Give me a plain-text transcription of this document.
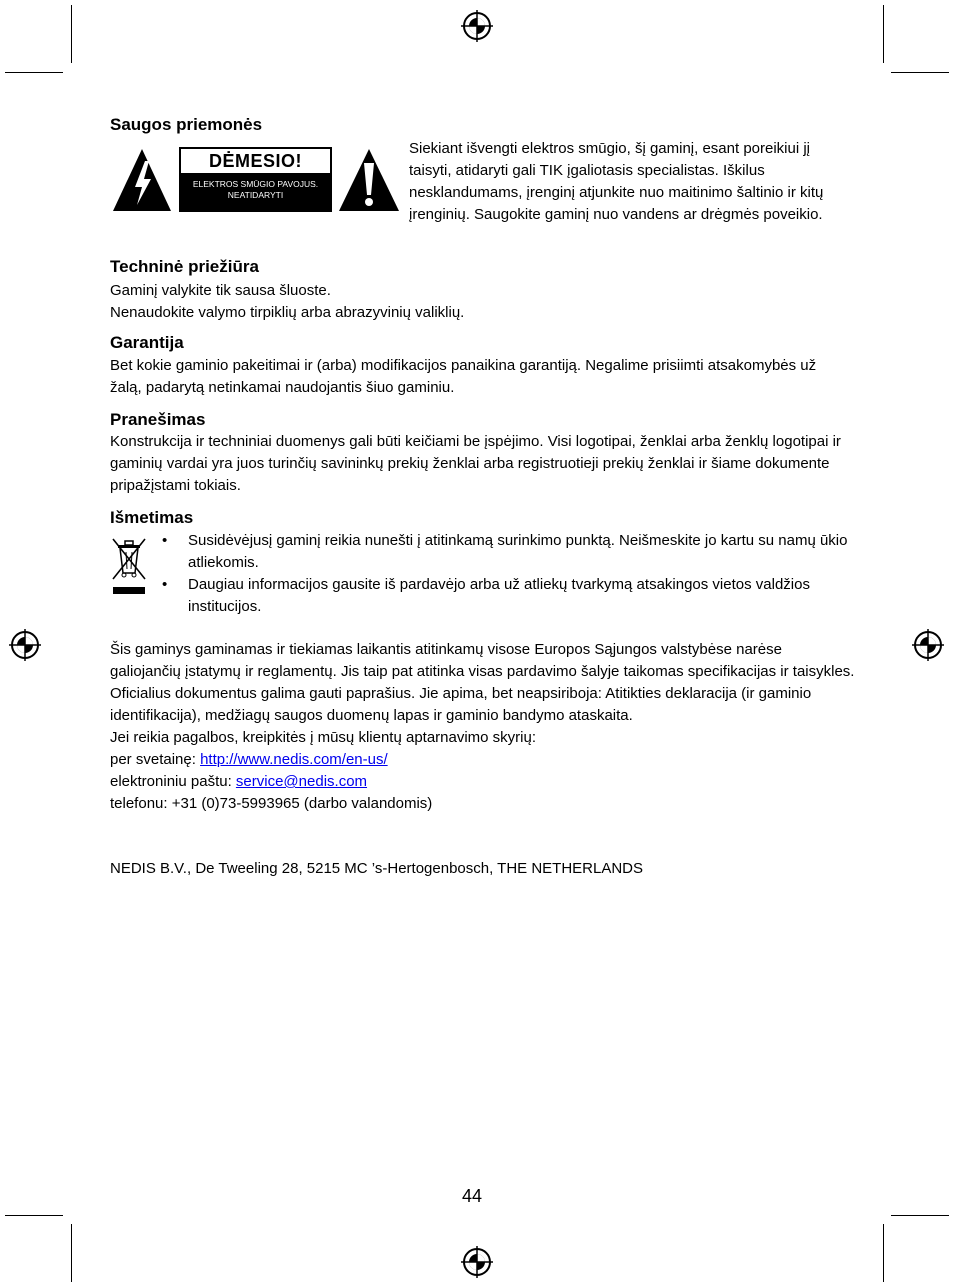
Saugos priemonės
DĖMESIO!
ELEKTROS SMŪGIO PAVOJUS.
NEATIDARYTI
Siekiant išvengti elektros smūgio, šį gaminį, esant poreikiui jį taisyti, atidaryti gali TIK įgaliotasis specialistas. Iškilus nesklandumams, įrenginį atjunkite nuo maitinimo šaltinio ir kitų įrenginių. Saugokite gaminį nuo vandens ar drėgmės poveikio.
Techninė priežiūra

Gaminį valykite tik sausa šluoste.

Nenaudokite valymo tirpiklių arba abrazyvinių valiklių.

Garantija
Bet kokie gaminio pakeitimai ir (arba) modifikacijos panaikina garantiją. Negalime prisiimti atsakomybės už žalą, padarytą netinkamai naudojantis šiuo gaminiu.
Pranešimas
Konstrukcija ir techniniai duomenys gali būti keičiami be įspėjimo. Visi logotipai, ženklai arba ženklų logotipai ir gaminių vardai yra juos turinčių savininkų prekių ženklai arba registruotieji prekių ženklai ir šiame dokumente pripažįstami tokiais.
Išmetimas
• Susidėvėjusį gaminį reikia nunešti į atitinkamą surinkimo punktą. Neišmeskite jo kartu su namų ūkio atliekomis.
• Daugiau informacijos gausite iš pardavėjo arba už atliekų tvarkymą atsakingos vietos valdžios institucijos.

Šis gaminys gaminamas ir tiekiamas laikantis atitinkamų visose Europos Sąjungos valstybėse narėse galiojančių įstatymų ir reglamentų. Jis taip pat atitinka visas pardavimo šalyje taikomas specifikacijas ir taisykles.

Oficialius dokumentus galima gauti paprašius. Jie apima, bet neapsiriboja: Atitikties deklaracija (ir gaminio identifikacija), medžiagų saugos duomenų lapas ir gaminio bandymo ataskaita.

Jei reikia pagalbos, kreipkitės į mūsų klientų aptarnavimo skyrių:

per svetainę: http://www.nedis.com/en-us/

elektroniniu paštu: service@nedis.com

telefonu: +31 (0)73-5993965 (darbo valandomis)

NEDIS B.V., De Tweeling 28, 5215 MC ’s-Hertogenbosch, THE NETHERLANDS
44
